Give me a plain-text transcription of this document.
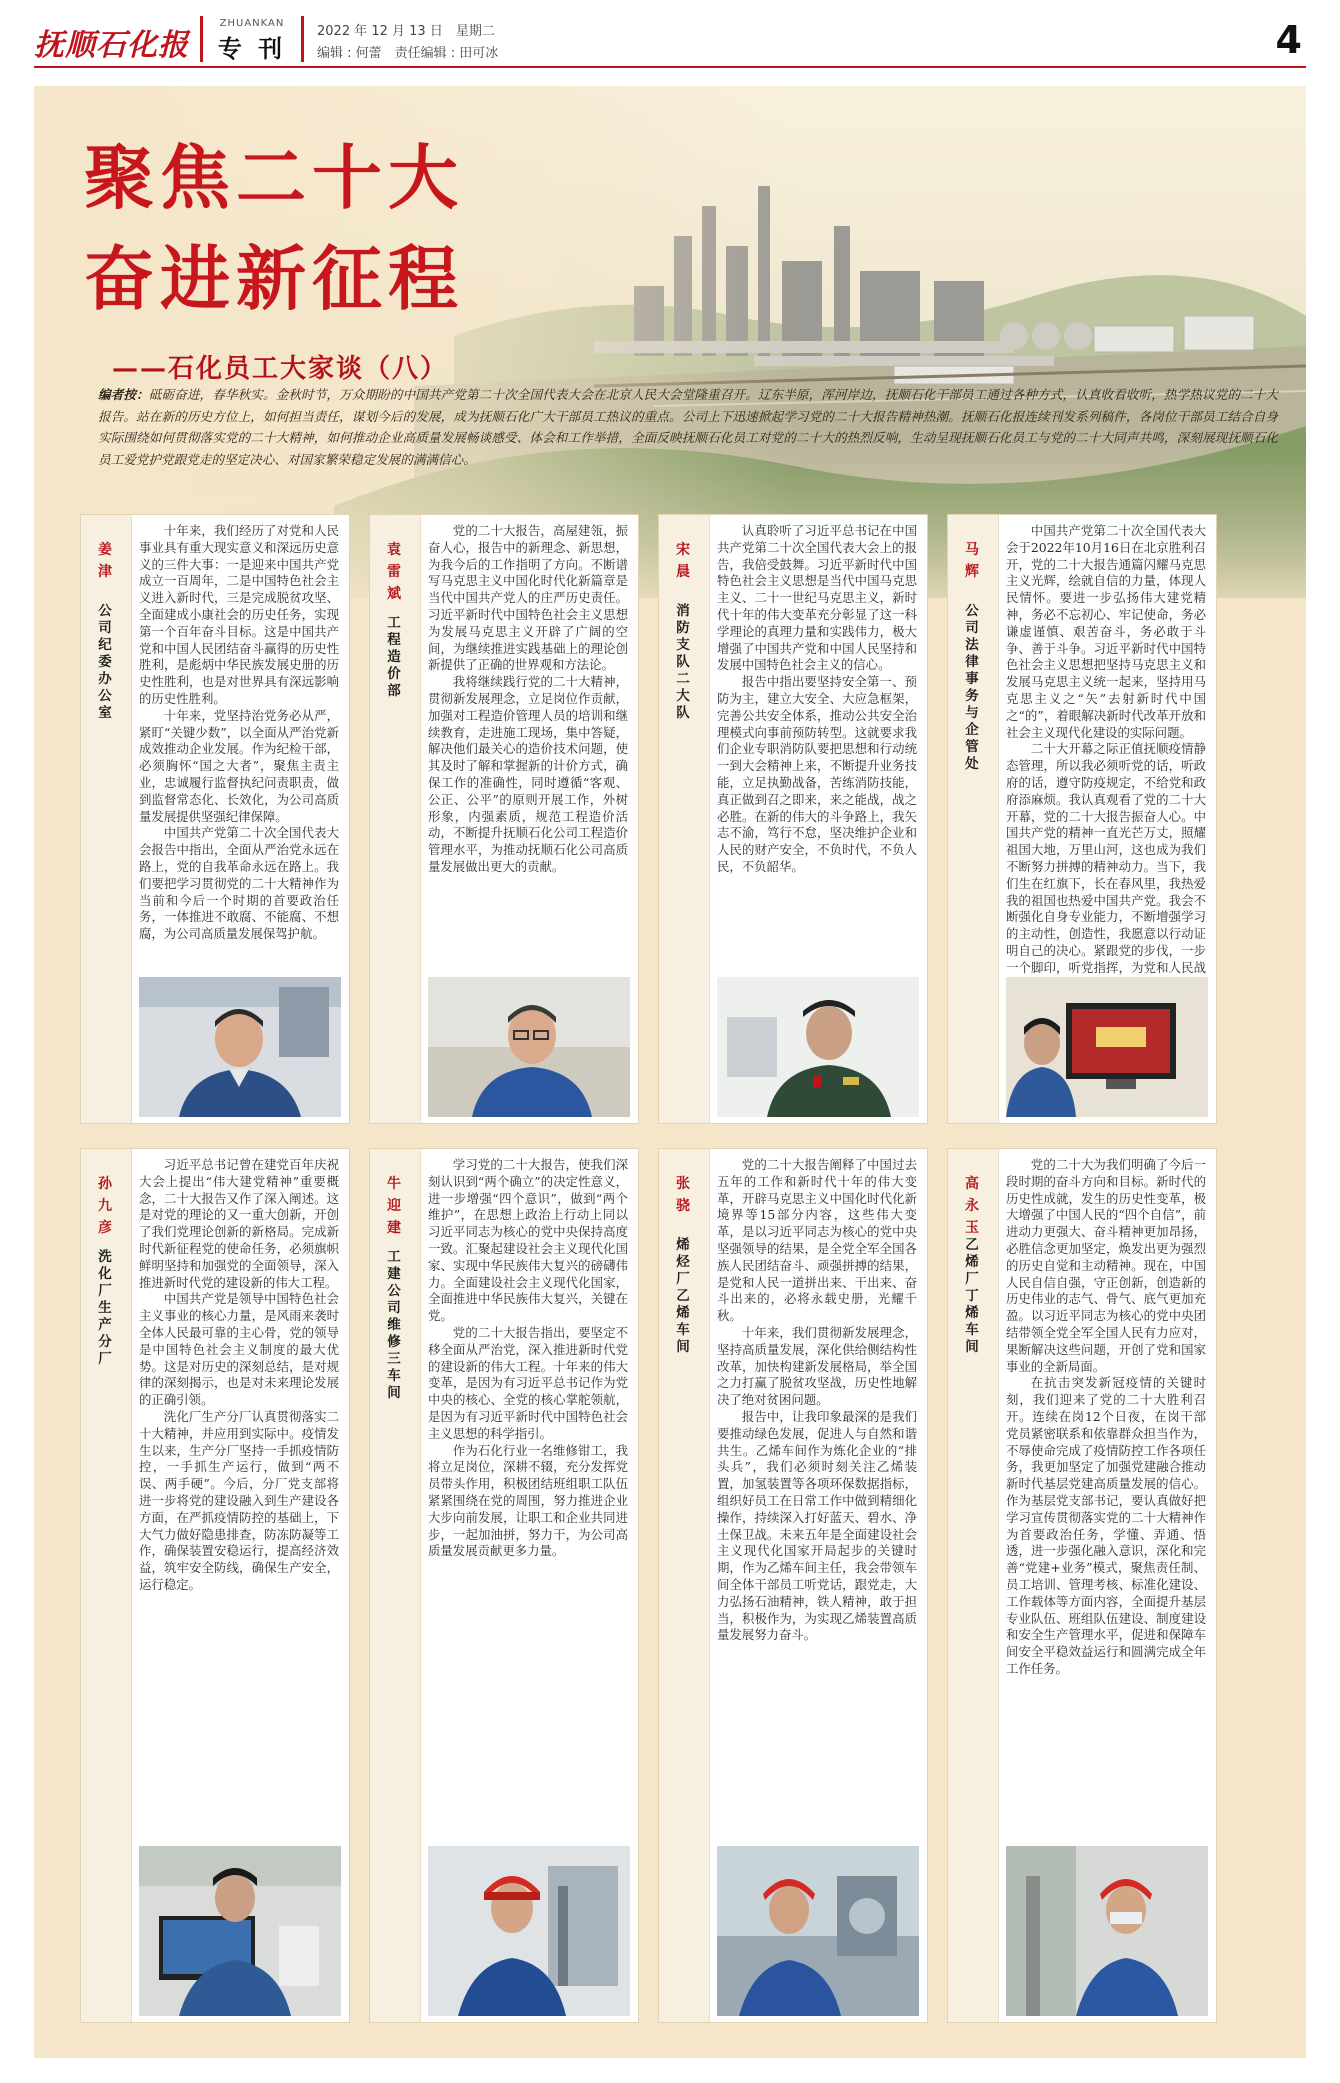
抚顺石化报
ZHUANKAN
专 刊
2022 年 12 月 13 日　星期二
编辑 : 何蕾　责任编辑 : 田可冰	4
聚焦二十大
奋进新征程
——石化员工大家谈（八）
编者按：砥砺奋进，春华秋实。金秋时节，万众期盼的中国共产党第二十次全国代表大会在北京人民大会堂隆重召开。辽东半原，浑河岸边，抚顺石化干部员工通过各种方式，认真收看收听，热学热议党的二十大报告。站在新的历史方位上，如何担当责任，谋划今后的发展，成为抚顺石化广大干部员工热议的重点。公司上下迅速掀起学习党的二十大报告精神热潮。抚顺石化报连续刊发系列稿件，各岗位干部员工结合自身实际围绕如何贯彻落实党的二十大精神，如何推动企业高质量发展畅谈感受、体会和工作举措，全面反映抚顺石化员工对党的二十大的热烈反响，生动呈现抚顺石化员工与党的二十大同声共鸣，深刻展现抚顺石化员工爱党护党跟党走的坚定决心、对国家繁荣稳定发展的满满信心。
姜 津
公司纪委办公室

十年来，我们经历了对党和人民事业具有重大现实意义和深远历史意义的三件大事：一是迎来中国共产党成立一百周年，二是中国特色社会主义进入新时代，三是完成脱贫攻坚、全面建成小康社会的历史任务，实现第一个百年奋斗目标。这是中国共产党和中国人民团结奋斗赢得的历史性胜利，是彪炳中华民族发展史册的历史性胜利，也是对世界具有深远影响的历史性胜利。

十年来，党坚持治党务必从严，紧盯“关键少数”，以全面从严治党新成效推动企业发展。作为纪检干部，必须胸怀“国之大者”，聚焦主责主业，忠诚履行监督执纪问责职责，做到监督常态化、长效化，为公司高质量发展提供坚强纪律保障。

中国共产党第二十次全国代表大会报告中指出，全面从严治党永远在路上，党的自我革命永远在路上。我们要把学习贯彻党的二十大精神作为当前和今后一个时期的首要政治任务，一体推进不敢腐、不能腐、不想腐，为公司高质量发展保驾护航。

袁雷斌
工程造价部

党的二十大报告，高屋建瓴，振奋人心，报告中的新理念、新思想，为我今后的工作指明了方向。不断谱写马克思主义中国化时代化新篇章是当代中国共产党人的庄严历史责任。习近平新时代中国特色社会主义思想为发展马克思主义开辟了广阔的空间，为继续推进实践基础上的理论创新提供了正确的世界观和方法论。

我将继续践行党的二十大精神，贯彻新发展理念，立足岗位作贡献，加强对工程造价管理人员的培训和继续教育，走进施工现场，集中答疑，解决他们最关心的造价技术问题，使其及时了解和掌握新的计价方式，确保工作的准确性，同时遵循“客观、公正、公平”的原则开展工作，外树形象，内强素质，规范工程造价活动，不断提升抚顺石化公司工程造价管理水平，为推动抚顺石化公司高质量发展做出更大的贡献。

宋 晨
消防支队二大队

认真聆听了习近平总书记在中国共产党第二十次全国代表大会上的报告，我倍受鼓舞。习近平新时代中国特色社会主义思想是当代中国马克思主义、二十一世纪马克思主义，新时代十年的伟大变革充分彰显了这一科学理论的真理力量和实践伟力，极大增强了中国共产党和中国人民坚持和发展中国特色社会主义的信心。

报告中指出要坚持安全第一、预防为主，建立大安全、大应急框架，完善公共安全体系，推动公共安全治理模式向事前预防转型。这就要求我们企业专职消防队要把思想和行动统一到大会精神上来，不断提升业务技能，立足执勤战备，苦练消防技能，真正做到召之即来，来之能战，战之必胜。在新的伟大的斗争路上，我矢志不渝，笃行不怠，坚决维护企业和人民的财产安全，不负时代，不负人民，不负韶华。

马 辉
公司法律事务与企管处

中国共产党第二十次全国代表大会于2022年10月16日在北京胜利召开，党的二十大报告通篇闪耀马克思主义光辉，绘就自信的力量，体现人民情怀。要进一步弘扬伟大建党精神，务必不忘初心、牢记使命，务必谦虚谨慎、艰苦奋斗，务必敢于斗争、善于斗争。习近平新时代中国特色社会主义思想把坚持马克思主义和发展马克思主义统一起来，坚持用马克思主义之“矢”去射新时代中国之“的”，着眼解决新时代改革开放和社会主义现代化建设的实际问题。

二十大开幕之际正值抚顺疫情静态管理，所以我必须听党的话，听政府的话，遵守防疫规定，不给党和政府添麻烦。我认真观看了党的二十大开幕，党的二十大报告振奋人心。中国共产党的精神一直光芒万丈，照耀祖国大地，万里山河，这也成为我们不断努力拼搏的精神动力。当下，我们生在红旗下，长在春风里，我热爱我的祖国也热爱中国共产党。我会不断强化自身专业能力，不断增强学习的主动性，创造性，我愿意以行动证明自己的决心。紧跟党的步伐，一步一个脚印，听党指挥，为党和人民战

孙九彦
洗化厂生产分厂

习近平总书记曾在建党百年庆祝大会上提出“伟大建党精神”重要概念，二十大报告又作了深入阐述。这是对党的理论的又一重大创新，开创了我们党理论创新的新格局。完成新时代新征程党的使命任务，必须旗帜鲜明坚持和加强党的全面领导，深入推进新时代党的建设新的伟大工程。

中国共产党是领导中国特色社会主义事业的核心力量，是风雨来袭时全体人民最可靠的主心骨，党的领导是中国特色社会主义制度的最大优势。这是对历史的深刻总结，是对规律的深刻揭示，也是对未来理论发展的正确引领。

洗化厂生产分厂认真贯彻落实二十大精神，并应用到实际中。疫情发生以来，生产分厂坚持一手抓疫情防控，一手抓生产运行，做到“两不误、两手硬”。今后，分厂党支部将进一步将党的建设融入到生产建设各方面，在严抓疫情防控的基础上，下大气力做好隐患排查，防冻防凝等工作，确保装置安稳运行，提高经济效益，筑牢安全防线，确保生产安全，运行稳定。

牛迎建
工建公司维修三车间

学习党的二十大报告，使我们深刻认识到“两个确立”的决定性意义，进一步增强“四个意识”，做到“两个维护”，在思想上政治上行动上同以习近平同志为核心的党中央保持高度一致。汇聚起建设社会主义现代化国家、实现中华民族伟大复兴的磅礴伟力。全面建设社会主义现代化国家，全面推进中华民族伟大复兴，关键在党。

党的二十大报告指出，要坚定不移全面从严治党，深入推进新时代党的建设新的伟大工程。十年来的伟大变革，是因为有习近平总书记作为党中央的核心、全党的核心掌舵领航，是因为有习近平新时代中国特色社会主义思想的科学指引。

作为石化行业一名维修钳工，我将立足岗位，深耕不辍，充分发挥党员带头作用，积极团结班组职工队伍紧紧围绕在党的周围，努力推进企业大步向前发展，让职工和企业共同进步，一起加油拼，努力干，为公司高质量发展贡献更多力量。

张 骁
烯烃厂乙烯车间

党的二十大报告阐释了中国过去五年的工作和新时代十年的伟大变革，开辟马克思主义中国化时代化新境界等15部分内容，这些伟大变革，是以习近平同志为核心的党中央坚强领导的结果，是全党全军全国各族人民团结奋斗、顽强拼搏的结果，是党和人民一道拼出来、干出来、奋斗出来的，必将永载史册，光耀千秋。

十年来，我们贯彻新发展理念，坚持高质量发展，深化供给侧结构性改革，加快构建新发展格局，举全国之力打赢了脱贫攻坚战，历史性地解决了绝对贫困问题。

报告中，让我印象最深的是我们要推动绿色发展，促进人与自然和谐共生。乙烯车间作为炼化企业的“排头兵”，我们必须时刻关注乙烯装置，加氢装置等各项环保数据指标，组织好员工在日常工作中做到精细化操作，持续深入打好蓝天、碧水、净土保卫战。未来五年是全面建设社会主义现代化国家开局起步的关键时期，作为乙烯车间主任，我会带领车间全体干部员工听党话，跟党走，大力弘扬石油精神，铁人精神，敢于担当，积极作为，为实现乙烯装置高质量发展努力奋斗。

高永玉
乙烯厂丁烯车间

党的二十大为我们明确了今后一段时期的奋斗方向和目标。新时代的历史性成就，发生的历史性变革，极大增强了中国人民的“四个自信”，前进动力更强大、奋斗精神更加昂扬，必胜信念更加坚定，焕发出更为强烈的历史自觉和主动精神。现在，中国人民自信自强，守正创新，创造新的历史伟业的志气、骨气、底气更加充盈。以习近平同志为核心的党中央团结带领全党全军全国人民有力应对，果断解决这些问题，开创了党和国家事业的全新局面。

在抗击突发新冠疫情的关键时刻，我们迎来了党的二十大胜利召开。连续在岗12个日夜，在岗干部党员紧密联系和依靠群众担当作为，不辱使命完成了疫情防控工作各项任务，我更加坚定了加强党建融合推动新时代基层党建高质量发展的信心。作为基层党支部书记，要认真做好把学习宣传贯彻落实党的二十大精神作为首要政治任务，学懂、弄通、悟透，进一步强化融入意识，深化和完善“党建+业务”模式，聚焦责任制、员工培训、管理考核、标准化建设、工作载体等方面内容，全面提升基层专业队伍、班组队伍建设、制度建设和安全生产管理水平，促进和保障车间安全平稳效益运行和圆满完成全年工作任务。
